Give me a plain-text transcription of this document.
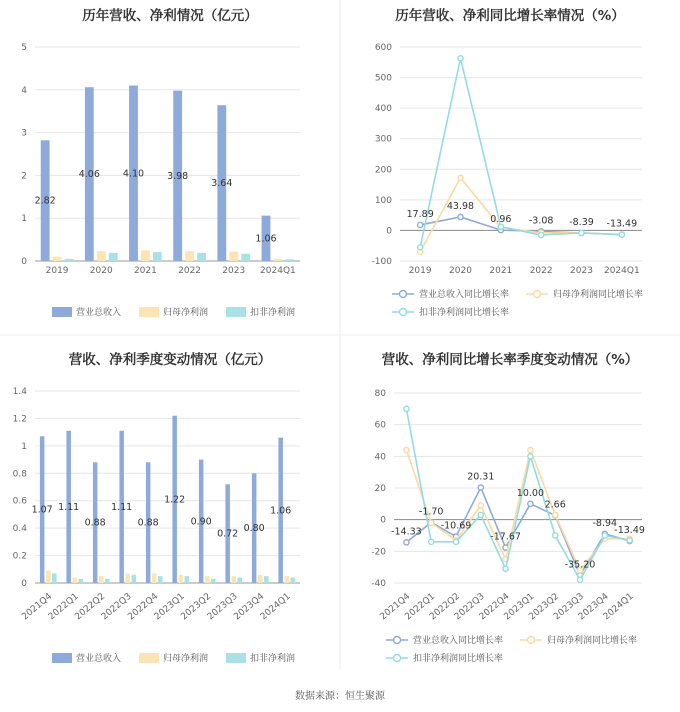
历年营收、净利情况（亿元）
0
1
2
3
4
5
2019 2020 2021 2022 2023 2024Q1
2.82
4.06 4.10 3.98
3.64
1.06
营业总收入	归母净利润	扣非净利润
历年营收、净利同比增长率情况（%）
-100
0
100
200
300
400
500
600
2019 2020 2021 2022 2023 2024Q1
17.89
43.98
0.96 -3.08 -8.39 -13.49
营业总收入同比增长率	归母净利润同比增长率
扣非净利润同比增长率
营收、净利季度变动情况（亿元）
0
0.2
0.4
0.6
0.8
1
1.2
1.4
2021Q4
2022Q1
2022Q2
2022Q3
2022Q4
2023Q1
2023Q2
2023Q3
2023Q4
2024Q1
1.07 1.11
0.88
1.11
0.88
1.22
0.90
0.72 0.80
1.06
营业总收入	归母净利润	扣非净利润
营收、净利同比增长率季度变动情况（%）
-40
-20
0
20
40
60
80
2021Q4
2022Q1
2022Q2
2022Q3
2022Q4
2023Q1
2023Q2
2023Q3
2023Q4
2024Q1
-14.33
-1.70
-10.69
20.31
-17.67
10.00
2.66
-35.20
-8.94
-13.49
营业总收入同比增长率	归母净利润同比增长率
扣非净利润同比增长率
数据来源：恒生聚源
